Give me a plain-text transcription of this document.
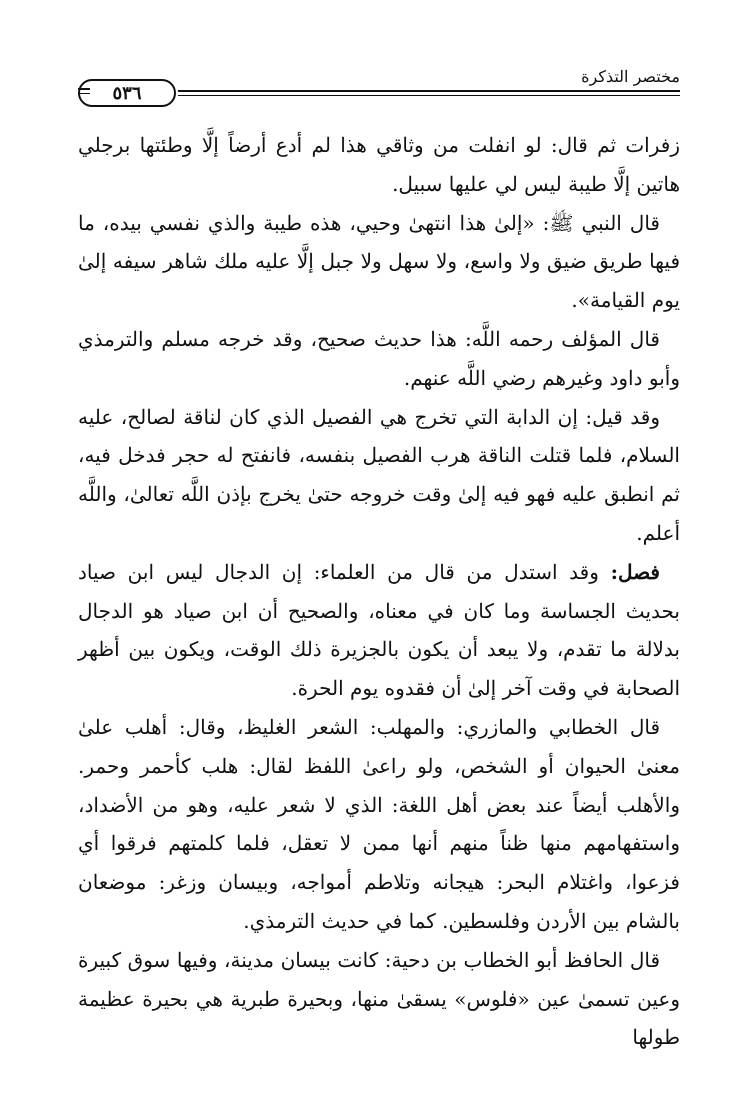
مختصر التذكرة
٥٣٦

زفرات ثم قال: لو انفلت من وثاقي هذا لم أدع أرضاً إلَّا وطئتها برجلي هاتين إلَّا طيبة ليس لي عليها سبيل.

قال النبي ﷺ: «إلىٰ هذا انتهىٰ وحيي، هذه طيبة والذي نفسي بيده، ما فيها طريق ضيق ولا واسع، ولا سهل ولا جبل إلَّا عليه ملك شاهر سيفه إلىٰ يوم القيامة».

قال المؤلف رحمه اللَّه: هذا حديث صحيح، وقد خرجه مسلم والترمذي وأبو داود وغيرهم رضي اللَّه عنهم.

وقد قيل: إن الدابة التي تخرج هي الفصيل الذي كان لناقة لصالح، عليه السلام، فلما قتلت الناقة هرب الفصيل بنفسه، فانفتح له حجر فدخل فيه، ثم انطبق عليه فهو فيه إلىٰ وقت خروجه حتىٰ يخرج بإذن اللَّه تعالىٰ، واللَّه أعلم.

فصل: وقد استدل من قال من العلماء: إن الدجال ليس ابن صياد بحديث الجساسة وما كان في معناه، والصحيح أن ابن صياد هو الدجال بدلالة ما تقدم، ولا يبعد أن يكون بالجزيرة ذلك الوقت، ويكون بين أظهر الصحابة في وقت آخر إلىٰ أن فقدوه يوم الحرة.

قال الخطابي والمازري: والمهلب: الشعر الغليظ، وقال: أهلب علىٰ معنىٰ الحيوان أو الشخص، ولو راعىٰ اللفظ لقال: هلب كأحمر وحمر. والأهلب أيضاً عند بعض أهل اللغة: الذي لا شعر عليه، وهو من الأضداد، واستفهامهم منها ظناً منهم أنها ممن لا تعقل، فلما كلمتهم فرقوا أي فزعوا، واغتلام البحر: هيجانه وتلاطم أمواجه، وبيسان وزغر: موضعان بالشام بين الأردن وفلسطين. كما في حديث الترمذي.

قال الحافظ أبو الخطاب بن دحية: كانت بيسان مدينة، وفيها سوق كبيرة وعين تسمىٰ عين «فلوس» يسقىٰ منها، وبحيرة طبرية هي بحيرة عظيمة طولها
